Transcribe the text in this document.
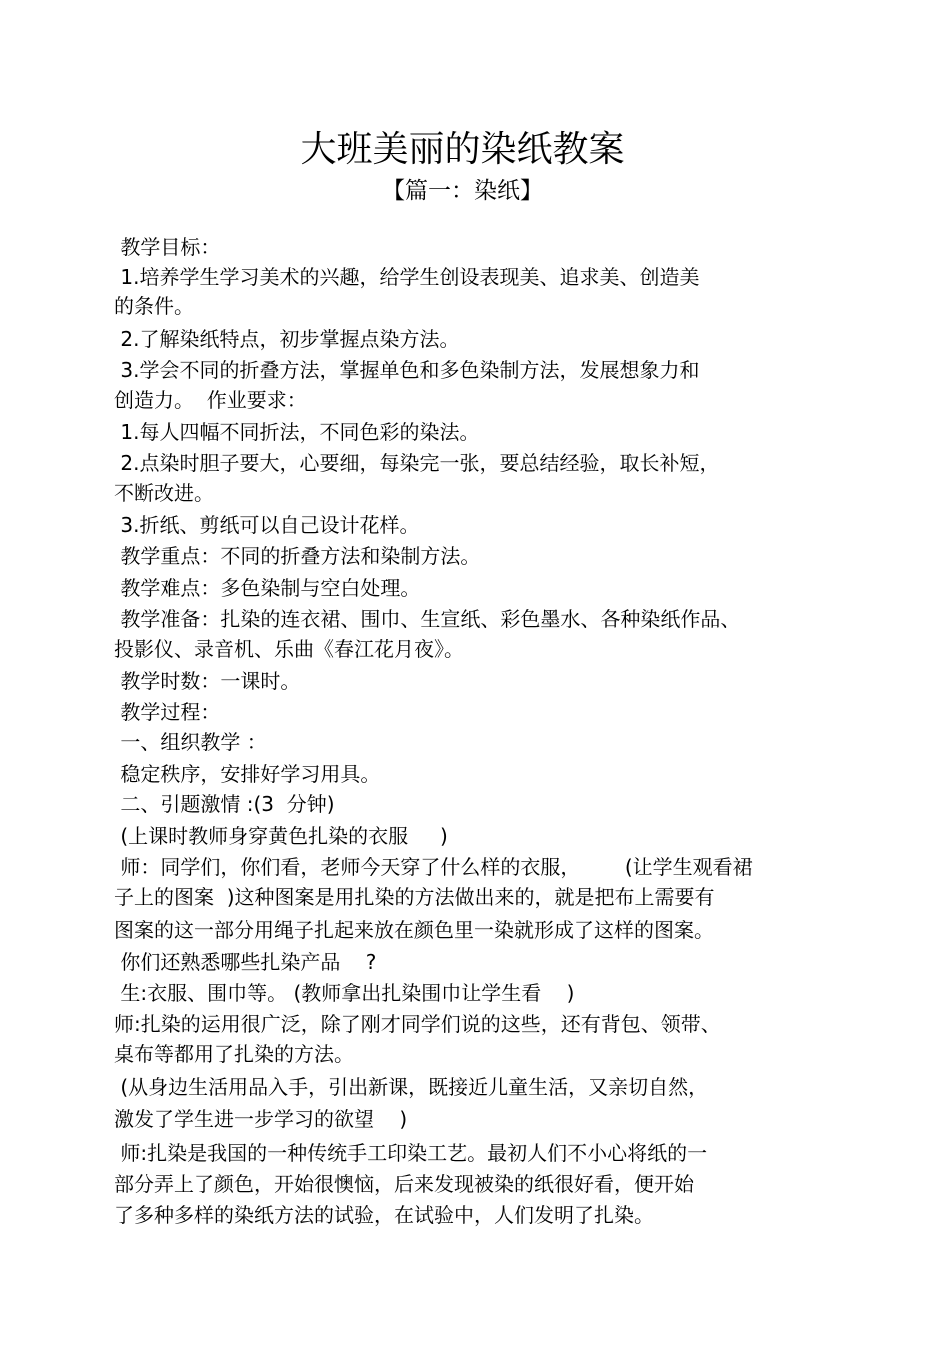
大班美丽的染纸教案
【篇一：染纸】
教学目标：
1.培养学生学习美术的兴趣，给学生创设表现美、追求美、创造美
的条件。
2.了解染纸特点，初步掌握点染方法。
3.学会不同的折叠方法，掌握单色和多色染制方法，发展想象力和
创造力。  作业要求：
1.每人四幅不同折法，不同色彩的染法。
2.点染时胆子要大，心要细，每染完一张，要总结经验，取长补短，
不断改进。
3.折纸、剪纸可以自己设计花样。
教学重点：不同的折叠方法和染制方法。
教学难点：多色染制与空白处理。
教学准备：扎染的连衣裙、围巾、生宣纸、彩色墨水、各种染纸作品、
投影仪、录音机、乐曲《春江花月夜》。
教学时数：一课时。
教学过程：
一、组织教学 ：
稳定秩序，安排好学习用具。
二、引题激情 :(3  分钟)
(上课时教师身穿黄色扎染的衣服     )
师：同学们，你们看，老师今天穿了什么样的衣服，       (让学生观看裙
子上的图案  )这种图案是用扎染的方法做出来的，就是把布上需要有
图案的这一部分用绳子扎起来放在颜色里一染就形成了这样的图案。
你们还熟悉哪些扎染产品    ?
生:衣服、围巾等。 (教师拿出扎染围巾让学生看    )
师:扎染的运用很广泛，除了刚才同学们说的这些，还有背包、领带、
桌布等都用了扎染的方法。
(从身边生活用品入手，引出新课，既接近儿童生活，又亲切自然，
激发了学生进一步学习的欲望    )
师:扎染是我国的一种传统手工印染工艺。最初人们不小心将纸的一
部分弄上了颜色，开始很懊恼，后来发现被染的纸很好看，便开始
了多种多样的染纸方法的试验，在试验中，人们发明了扎染。
